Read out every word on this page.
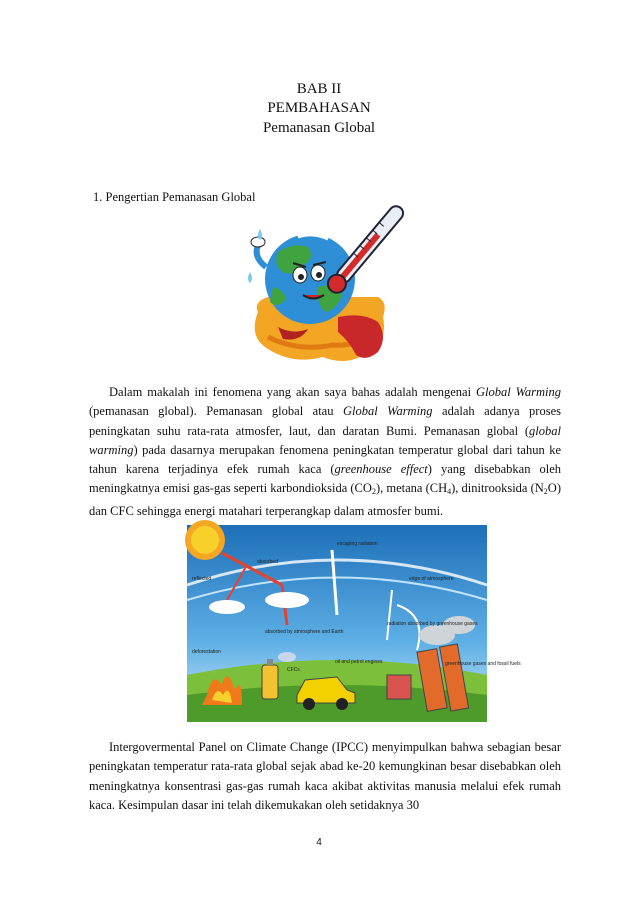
BAB II
PEMBAHASAN
Pemanasan Global
1. Pengertian Pemanasan Global

Dalam makalah ini fenomena yang akan saya bahas adalah mengenai Global Warming (pemanasan global). Pemanasan global atau Global Warming adalah adanya proses peningkatan suhu rata-rata atmosfer, laut, dan daratan Bumi. Pemanasan global (global warming) pada dasarnya merupakan fenomena peningkatan temperatur global dari tahun ke tahun karena terjadinya efek rumah kaca (greenhouse effect) yang disebabkan oleh meningkatnya emisi gas-gas seperti karbondioksida $(CO_2)$, metana $(CH_4)$, dinitrooksida $(N_2O)$ dan CFC sehingga energi matahari terperangkap dalam atmosfer bumi.

escaping radiation
absorbed
reflected	edge of atmosphere
absorbed by atmosphere and Earth
radiation absorbed by greenhouse gases
deforestation
CFCs
oil and petrol engines	greenhouse gases and fossil fuels

Intergovermental Panel on Climate Change (IPCC) menyimpulkan bahwa sebagian besar peningkatan temperatur rata-rata global sejak abad ke-20 kemungkinan besar disebabkan oleh meningkatnya konsentrasi gas-gas rumah kaca akibat aktivitas manusia melalui efek rumah kaca. Kesimpulan dasar ini telah dikemukakan oleh setidaknya 30

4
